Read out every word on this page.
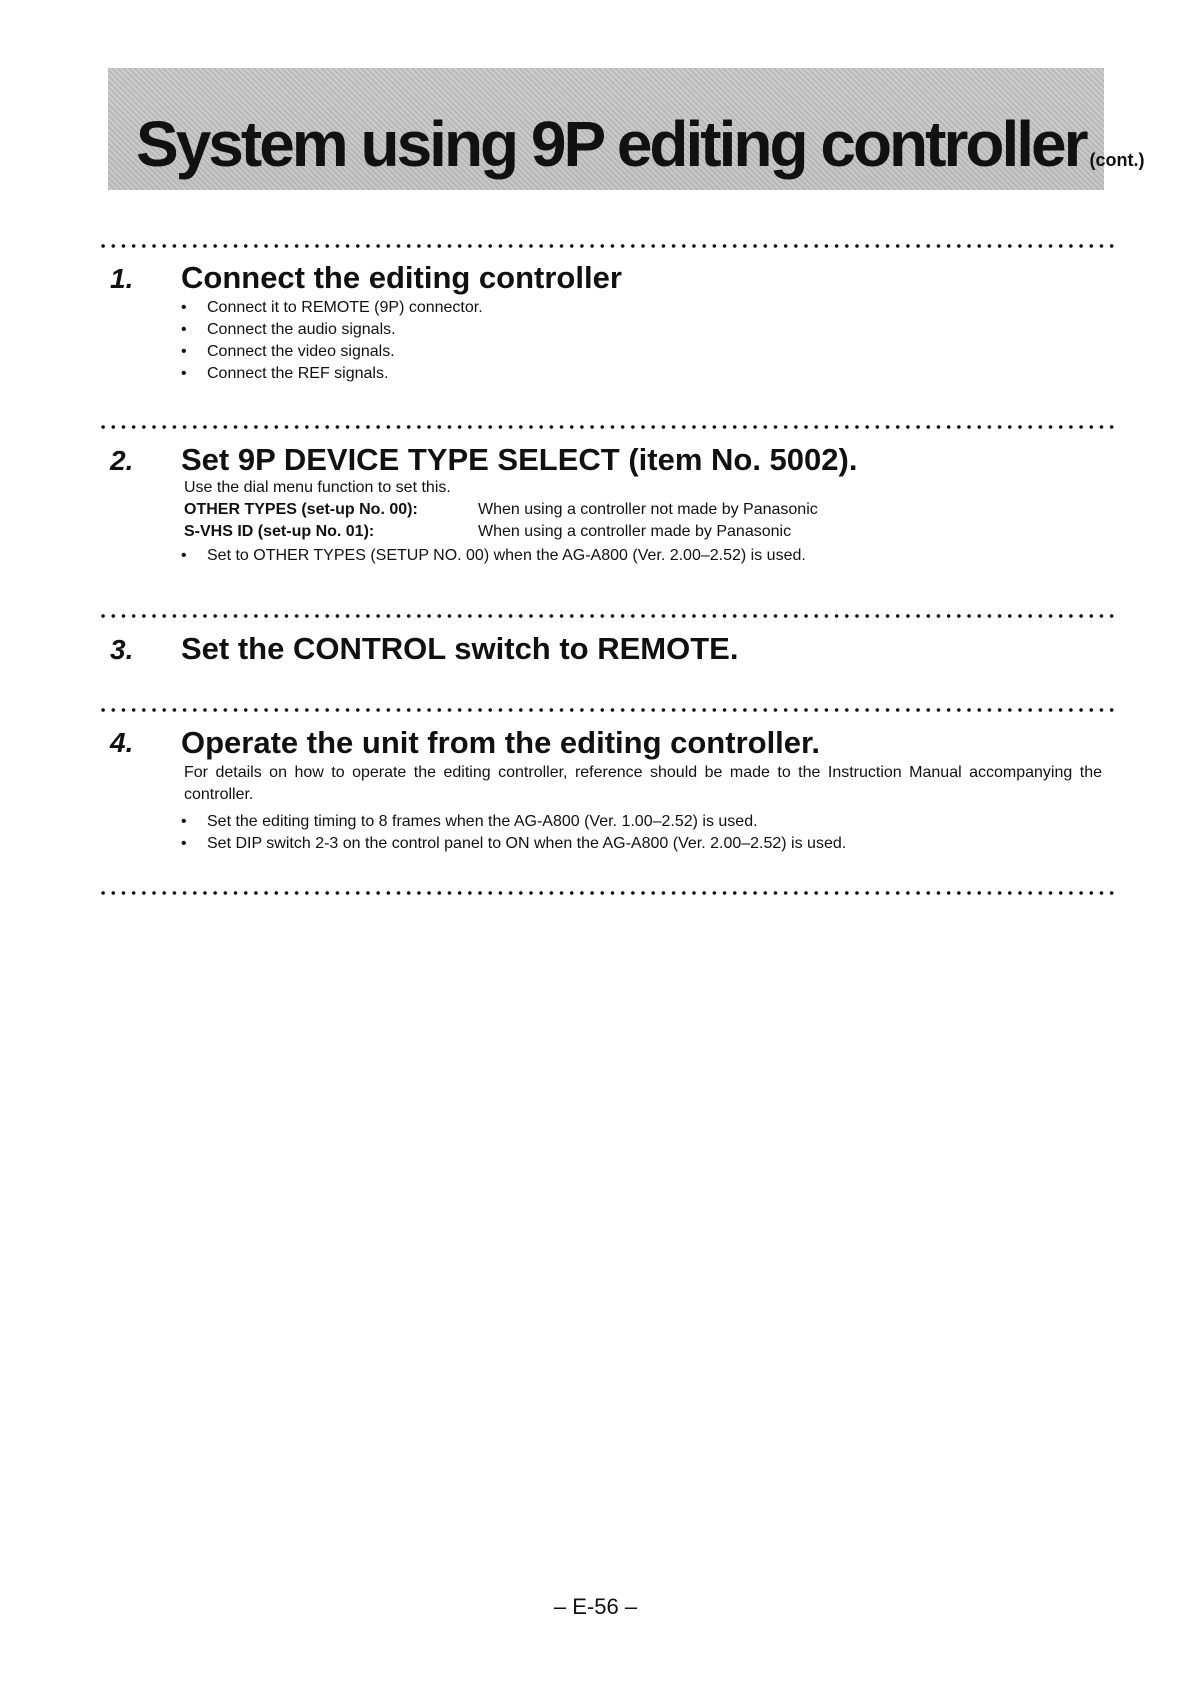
System using 9P editing controller (cont.)
1. Connect the editing controller
• Connect it to REMOTE (9P) connector.
• Connect the audio signals.
• Connect the video signals.
• Connect the REF signals.
2. Set 9P DEVICE TYPE SELECT (item No. 5002).
Use the dial menu function to set this.
OTHER TYPES (set-up No. 00):	When using a controller not made by Panasonic
S-VHS ID (set-up No. 01):	When using a controller made by Panasonic
• Set to OTHER TYPES (SETUP NO. 00) when the AG-A800 (Ver. 2.00–2.52) is used.
3. Set the CONTROL switch to REMOTE.
4. Operate the unit from the editing controller.
For details on how to operate the editing controller, reference should be made to the Instruction Manual accompanying the controller.
• Set the editing timing to 8 frames when the AG-A800 (Ver. 1.00–2.52) is used.
• Set DIP switch 2-3 on the control panel to ON when the AG-A800 (Ver. 2.00–2.52) is used.
– E-56 –
